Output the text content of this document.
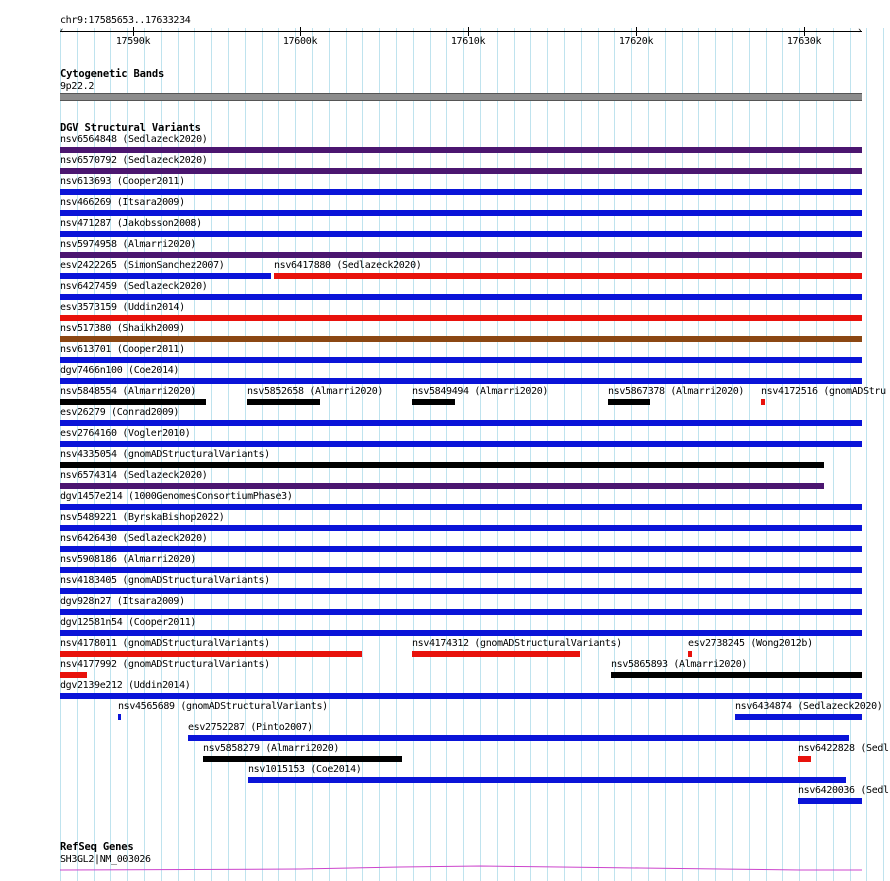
chr9:17585653..17633234
‹	›
17590k	17600k	17610k	17620k	17630k
Cytogenetic Bands
9p22.2
DGV Structural Variants
nsv6564848 (Sedlazeck2020)
nsv6570792 (Sedlazeck2020)
nsv613693 (Cooper2011)
nsv466269 (Itsara2009)
nsv471287 (Jakobsson2008)
nsv5974958 (Almarri2020)
esv2422265 (SimonSanchez2007)	nsv6417880 (Sedlazeck2020)
nsv6427459 (Sedlazeck2020)
esv3573159 (Uddin2014)
nsv517380 (Shaikh2009)
nsv613701 (Cooper2011)
dgv7466n100 (Coe2014)
nsv5848554 (Almarri2020)	nsv5852658 (Almarri2020)	nsv5849494 (Almarri2020)	nsv5867378 (Almarri2020) nsv4172516 (gnomADStru
esv26279 (Conrad2009)
esv2764160 (Vogler2010)
nsv4335054 (gnomADStructuralVariants)
nsv6574314 (Sedlazeck2020)
dgv1457e214 (1000GenomesConsortiumPhase3)
nsv5489221 (ByrskaBishop2022)
nsv6426430 (Sedlazeck2020)
nsv5908186 (Almarri2020)
nsv4183405 (gnomADStructuralVariants)
dgv928n27 (Itsara2009)
dgv12581n54 (Cooper2011)
nsv4178011 (gnomADStructuralVariants)	nsv4174312 (gnomADStructuralVariants)	esv2738245 (Wong2012b)
nsv4177992 (gnomADStructuralVariants)	nsv5865893 (Almarri2020)
dgv2139e212 (Uddin2014)
nsv4565689 (gnomADStructuralVariants)	nsv6434874 (Sedlazeck2020)
esv2752287 (Pinto2007)
nsv5858279 (Almarri2020)	nsv6422828 (Sedl
nsv1015153 (Coe2014)
nsv6420036 (Sedl
RefSeq Genes
SH3GL2|NM_003026
